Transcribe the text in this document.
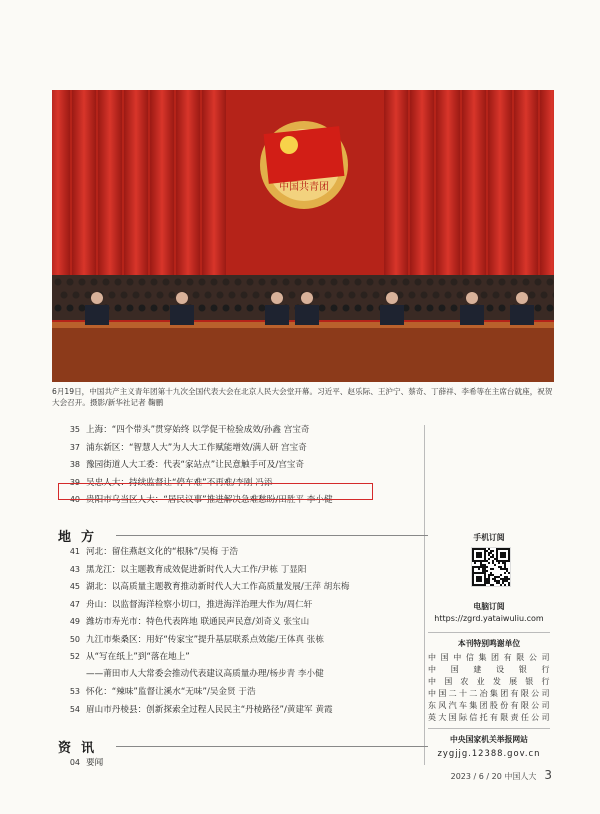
中国共青团
6月19日，中国共产主义青年团第十九次全国代表大会在北京人民大会堂开幕。习近平、赵乐际、王沪宁、蔡奇、丁薛祥、李希等在主席台就座，祝贺大会召开。摄影/新华社记者 鞠鹏
35 上海：“四个带头”贯穿始终 以学促干检验成效/孙鑫 宫宝奇
37 浦东新区：“智慧人大”为人大工作赋能增效/满人研 宫宝奇
38 豫园街道人大工委：代表“家站点”让民意触手可及/宫宝奇
39 吴忠人大：持续监督让“停车难”不再难/李刚 冯添
40 贵阳市乌当区人大：“居民议事”推进解决急难愁盼/田胜平 李小健
地方
41 河北：留住燕赵文化的“根脉”/吴梅 于浩
43 黑龙江：以主题教育成效促进新时代人大工作/尹栋 丁显阳
45 湖北：以高质量主题教育推动新时代人大工作高质量发展/王萍 胡东梅
47 舟山：以监督海洋检察小切口，推进海洋治理大作为/周仁轩
49 潍坊市寿光市：特色代表阵地 联通民声民意/刘奇义 张宝山
50 九江市柴桑区：用好“传家宝”提升基层联系点效能/王体真 张栋
52 从“写在纸上”到“落在地上”
——莆田市人大常委会推动代表建议高质量办理/杨步青 李小健
53 怀化：“辣味”监督让溪水“无味”/吴金贤 于浩
54 眉山市丹棱县：创新探索全过程人民民主“丹棱路径”/黄建军 黄霞
资讯
04 要闻
手机订阅
电脑订阅
https://zgrd.yataiwuliu.com
本刊特别鸣谢单位
中国中信集团有限公司
中国建设银行
中国农业发展银行
中国二十二冶集团有限公司
东风汽车集团股份有限公司
英大国际信托有限责任公司
中央国家机关举报网站
zygjjg.12388.gov.cn
2023 / 6 / 20 中国人大 3
